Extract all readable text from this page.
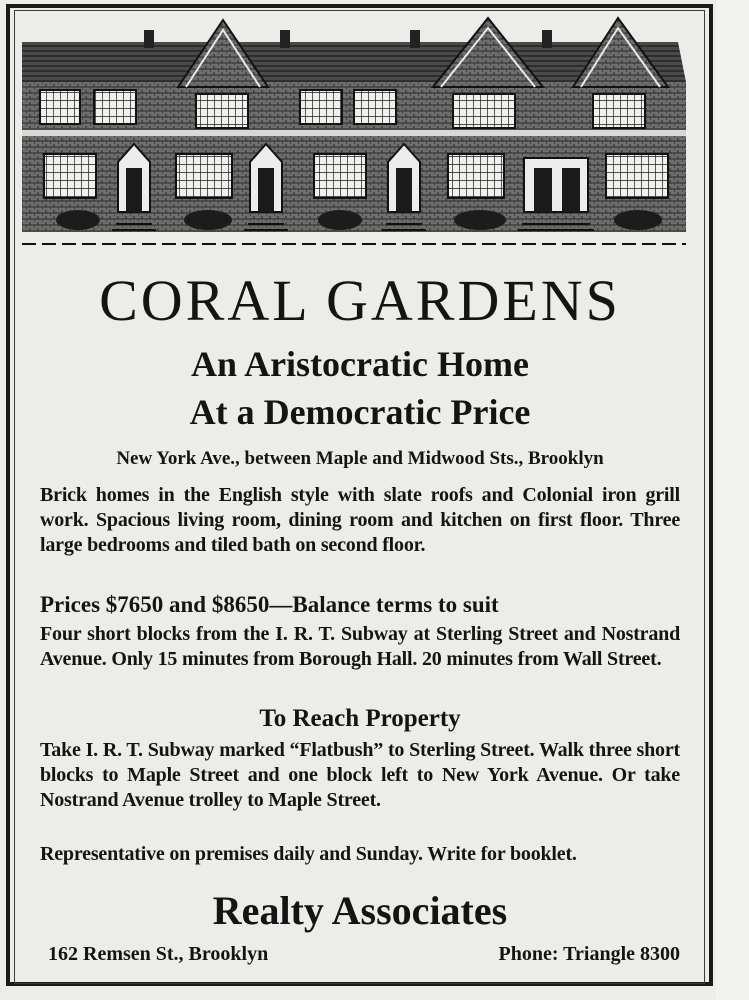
CORAL GARDENS
An Aristocratic Home
At a Democratic Price
New York Ave., between Maple and Midwood Sts., Brooklyn
Brick homes in the English style with slate roofs and Colonial iron grill work. Spacious living room, dining room and kitchen on first floor. Three large bedrooms and tiled bath on second floor.
Prices $7650 and $8650—Balance terms to suit
Four short blocks from the I. R. T. Subway at Sterling Street and Nostrand Avenue. Only 15 minutes from Borough Hall. 20 minutes from Wall Street.
To Reach Property
Take I. R. T. Subway marked “Flatbush” to Sterling Street. Walk three short blocks to Maple Street and one block left to New York Avenue. Or take Nostrand Avenue trolley to Maple Street.
Representative on premises daily and Sunday. Write for booklet.
Realty Associates
162 Remsen St., Brooklyn	Phone: Triangle 8300
